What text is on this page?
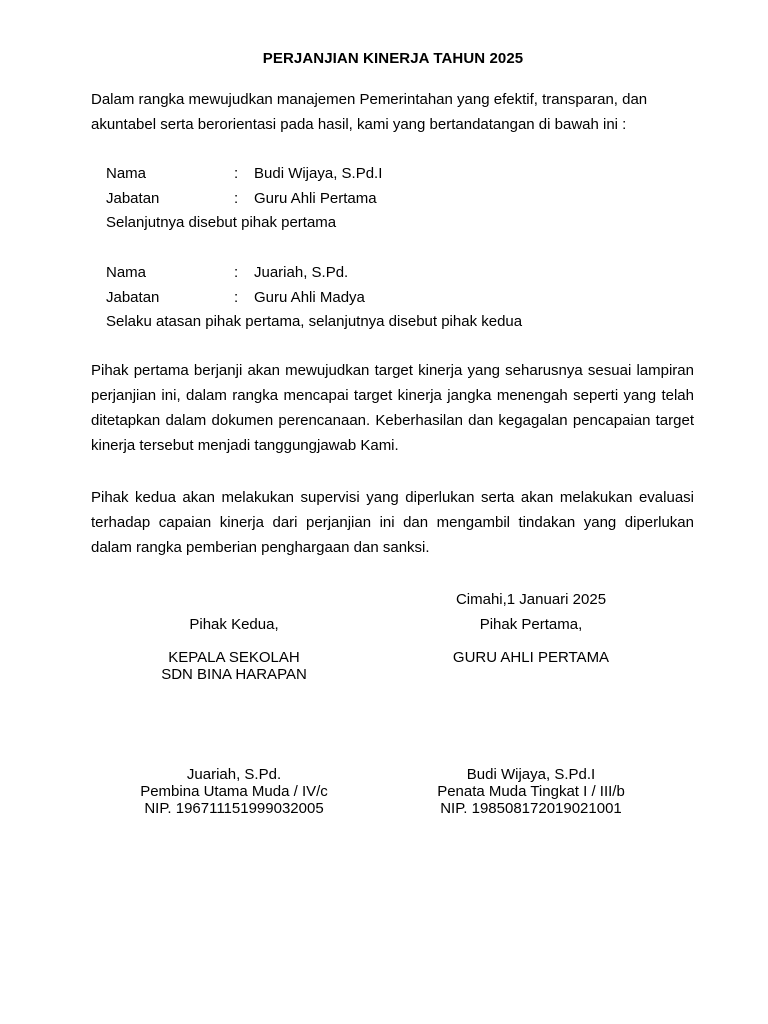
PERJANJIAN KINERJA TAHUN 2025

Dalam rangka mewujudkan manajemen Pemerintahan yang efektif, transparan, dan akuntabel serta berorientasi pada hasil, kami yang bertandatangan di bawah ini :

Nama	: Budi Wijaya, S.Pd.I
Jabatan	: Guru Ahli Pertama
Selanjutnya disebut pihak pertama
Nama	: Juariah, S.Pd.
Jabatan	: Guru Ahli Madya
Selaku atasan pihak pertama, selanjutnya disebut pihak kedua

Pihak pertama berjanji akan mewujudkan target kinerja yang seharusnya sesuai lampiran perjanjian ini, dalam rangka mencapai target kinerja jangka menengah seperti yang telah ditetapkan dalam dokumen perencanaan. Keberhasilan dan kegagalan pencapaian target kinerja tersebut menjadi tanggungjawab Kami.

Pihak kedua akan melakukan supervisi yang diperlukan serta akan melakukan evaluasi terhadap capaian kinerja dari perjanjian ini dan mengambil tindakan yang diperlukan dalam rangka pemberian penghargaan dan sanksi.

Cimahi,1 Januari 2025
Pihak Kedua,
KEPALA SEKOLAH
SDN BINA HARAPAN
Juariah, S.Pd.
Pembina Utama Muda / IV/c
NIP. 196711151999032005
Pihak Pertama,
GURU AHLI PERTAMA
Budi Wijaya, S.Pd.I
Penata Muda Tingkat I / III/b
NIP. 198508172019021001
